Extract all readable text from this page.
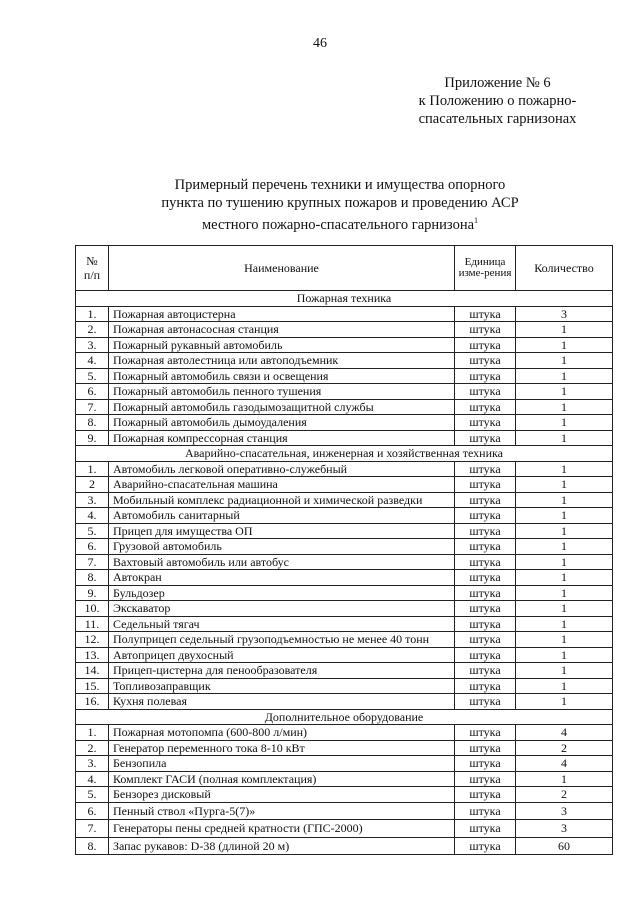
46
Приложение № 6
к Положению о пожарно-
спасательных гарнизонах
Примерный перечень техники и имущества опорного
пункта по тушению крупных пожаров и проведению АСР
местного пожарно-спасательного гарнизона$^1$
№ п/п	Наименование	Единица изме-рения	Количество
Пожарная техника			
1.	Пожарная автоцистерна	штука	3
2.	Пожарная автонасосная станция	штука	1
3.	Пожарный рукавный автомобиль	штука	1
4.	Пожарная автолестница или автоподъемник	штука	1
5.	Пожарный автомобиль связи и освещения	штука	1
6.	Пожарный автомобиль пенного тушения	штука	1
7.	Пожарный автомобиль газодымозащитной службы	штука	1
8.	Пожарный автомобиль дымоудаления	штука	1
9.	Пожарная компрессорная станция	штука	1
Аварийно-спасательная, инженерная и хозяйственная техника			
1.	Автомобиль легковой оперативно-служебный	штука	1
2	Аварийно-спасательная машина	штука	1
3.	Мобильный комплекс радиационной и химической разведки	штука	1
4.	Автомобиль санитарный	штука	1
5.	Прицеп для имущества ОП	штука	1
6.	Грузовой автомобиль	штука	1
7.	Вахтовый автомобиль или автобус	штука	1
8.	Автокран	штука	1
9.	Бульдозер	штука	1
10.	Экскаватор	штука	1
11.	Седельный тягач	штука	1
12.	Полуприцеп седельный грузоподъемностью не менее 40 тонн	штука	1
13.	Автоприцеп двухосный	штука	1
14.	Прицеп-цистерна для пенообразователя	штука	1
15.	Топливозаправщик	штука	1
16.	Кухня полевая	штука	1
Дополнительное оборудование			
1.	Пожарная мотопомпа (600-800 л/мин)	штука	4
2.	Генератор переменного тока 8-10 кВт	штука	2
3.	Бензопила	штука	4
4.	Комплект ГАСИ (полная комплектация)	штука	1
5.	Бензорез дисковый	штука	2
6.	Пенный ствол «Пурга-5(7)»	штука	3
7.	Генераторы пены средней кратности (ГПС-2000)	штука	3
8.	Запас рукавов: D-38 (длиной 20 м)	штука	60
